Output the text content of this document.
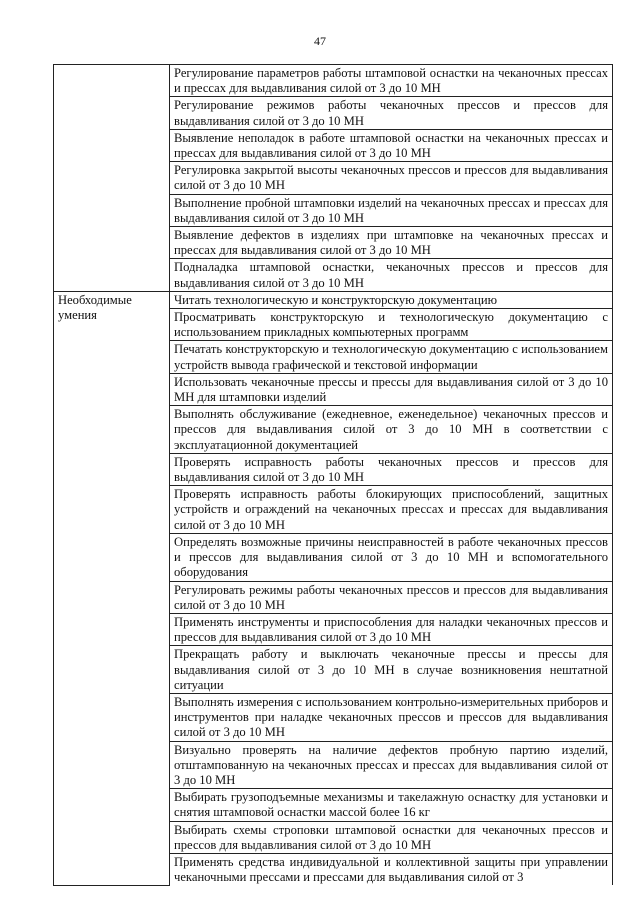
47
	Регулирование параметров работы штамповой оснастки на чеканочных прессах и прессах для выдавливания силой от 3 до 10 МН
	Регулирование режимов работы чеканочных прессов и прессов для выдавливания силой от 3 до 10 МН
	Выявление неполадок в работе штамповой оснастки на чеканочных прессах и прессах для выдавливания силой от 3 до 10 МН
	Регулировка закрытой высоты чеканочных прессов и прессов для выдавливания силой от 3 до 10 МН
	Выполнение пробной штамповки изделий на чеканочных прессах и прессах для выдавливания силой от 3 до 10 МН
	Выявление дефектов в изделиях при штамповке на чеканочных прессах и прессах для выдавливания силой от 3 до 10 МН
	Подналадка штамповой оснастки, чеканочных прессов и прессов для выдавливания силой от 3 до 10 МН
Необходимые умения	Читать технологическую и конструкторскую документацию
	Просматривать конструкторскую и технологическую документацию с использованием прикладных компьютерных программ
	Печатать конструкторскую и технологическую документацию с использованием устройств вывода графической и текстовой информации
	Использовать чеканочные прессы и прессы для выдавливания силой от 3 до 10 МН для штамповки изделий
	Выполнять обслуживание (ежедневное, еженедельное) чеканочных прессов и прессов для выдавливания силой от 3 до 10 МН в соответствии с эксплуатационной документацией
	Проверять исправность работы чеканочных прессов и прессов для выдавливания силой от 3 до 10 МН
	Проверять исправность работы блокирующих приспособлений, защитных устройств и ограждений на чеканочных прессах и прессах для выдавливания силой от 3 до 10 МН
	Определять возможные причины неисправностей в работе чеканочных прессов и прессов для выдавливания силой от 3 до 10 МН и вспомогательного оборудования
	Регулировать режимы работы чеканочных прессов и прессов для выдавливания силой от 3 до 10 МН
	Применять инструменты и приспособления для наладки чеканочных прессов и прессов для выдавливания силой от 3 до 10 МН
	Прекращать работу и выключать чеканочные прессы и прессы для выдавливания силой от 3 до 10 МН в случае возникновения нештатной ситуации
	Выполнять измерения с использованием контрольно-измерительных приборов и инструментов при наладке чеканочных прессов и прессов для выдавливания силой от 3 до 10 МН
	Визуально проверять на наличие дефектов пробную партию изделий, отштампованную на чеканочных прессах и прессах для выдавливания силой от 3 до 10 МН
	Выбирать грузоподъемные механизмы и такелажную оснастку для установки и снятия штамповой оснастки массой более 16 кг
	Выбирать схемы строповки штамповой оснастки для чеканочных прессов и прессов для выдавливания силой от 3 до 10 МН
	Применять средства индивидуальной и коллективной защиты при управлении чеканочными прессами и прессами для выдавливания силой от 3
